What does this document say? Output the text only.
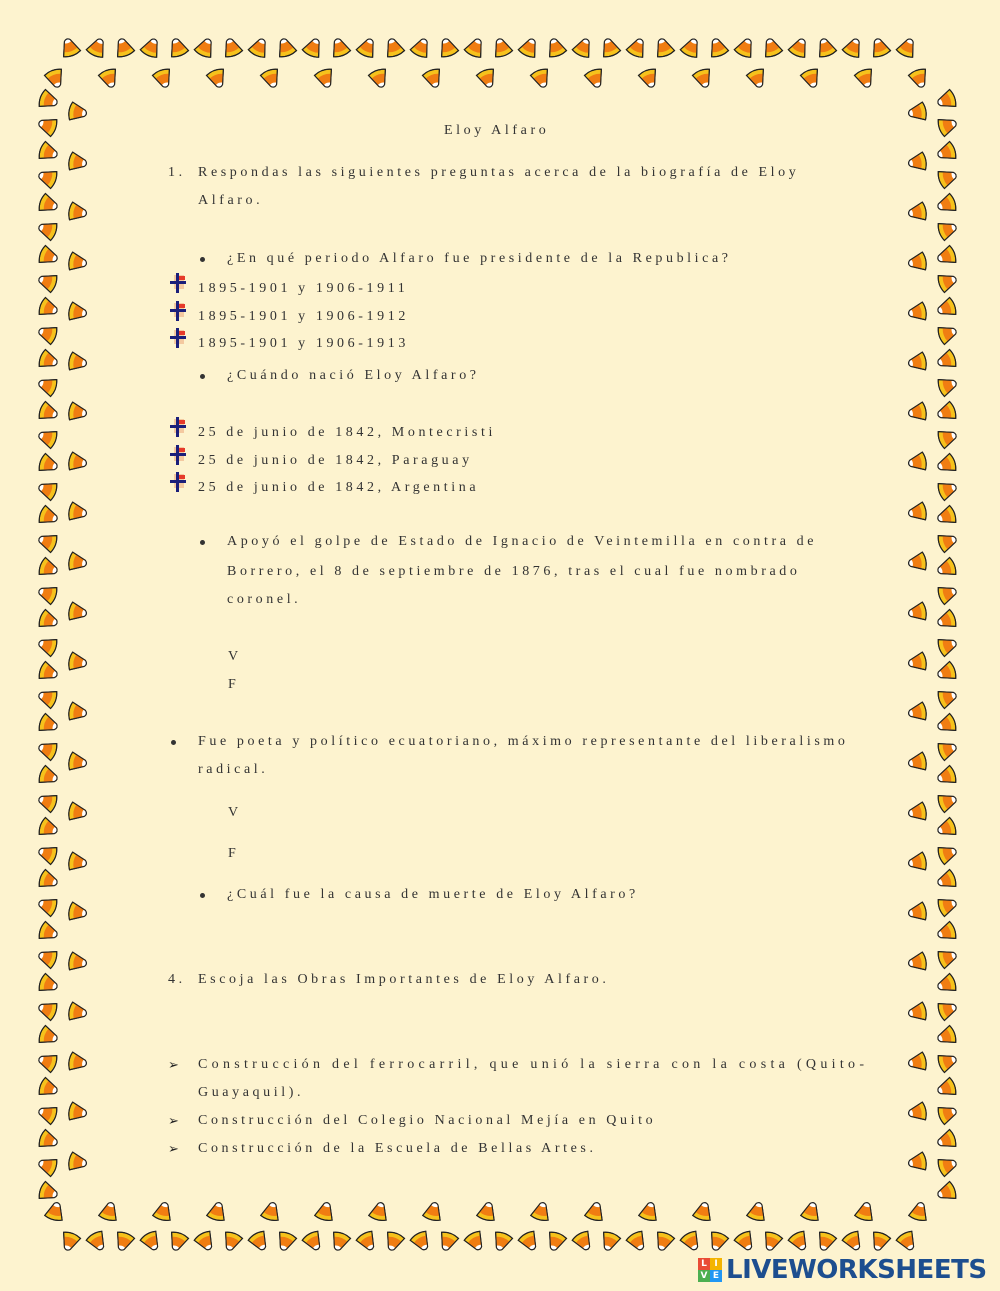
Eloy Alfaro
1. Respondas las siguientes preguntas acerca de la biografía de Eloy
Alfaro.
¿En qué periodo Alfaro fue presidente de la Republica?
1895-1901 y 1906-1911
1895-1901 y 1906-1912
1895-1901 y 1906-1913
¿Cuándo nació Eloy Alfaro?
25 de junio de 1842, Montecristi
25 de junio de 1842, Paraguay
25 de junio de 1842, Argentina
Apoyó el golpe de Estado de Ignacio de Veintemilla en contra de
Borrero, el 8 de septiembre de 1876, tras el cual fue nombrado
coronel.
V
F
Fue poeta y político ecuatoriano, máximo representante del liberalismo
radical.
V
F
¿Cuál fue la causa de muerte de Eloy Alfaro?
4. Escoja las Obras Importantes de Eloy Alfaro.
➢ Construcción del ferrocarril, que unió la sierra con la costa (Quito-
Guayaquil).
➢ Construcción del Colegio Nacional Mejía en Quito
➢ Construcción de la Escuela de Bellas Artes.
L I
V E LIVEWORKSHEETS
